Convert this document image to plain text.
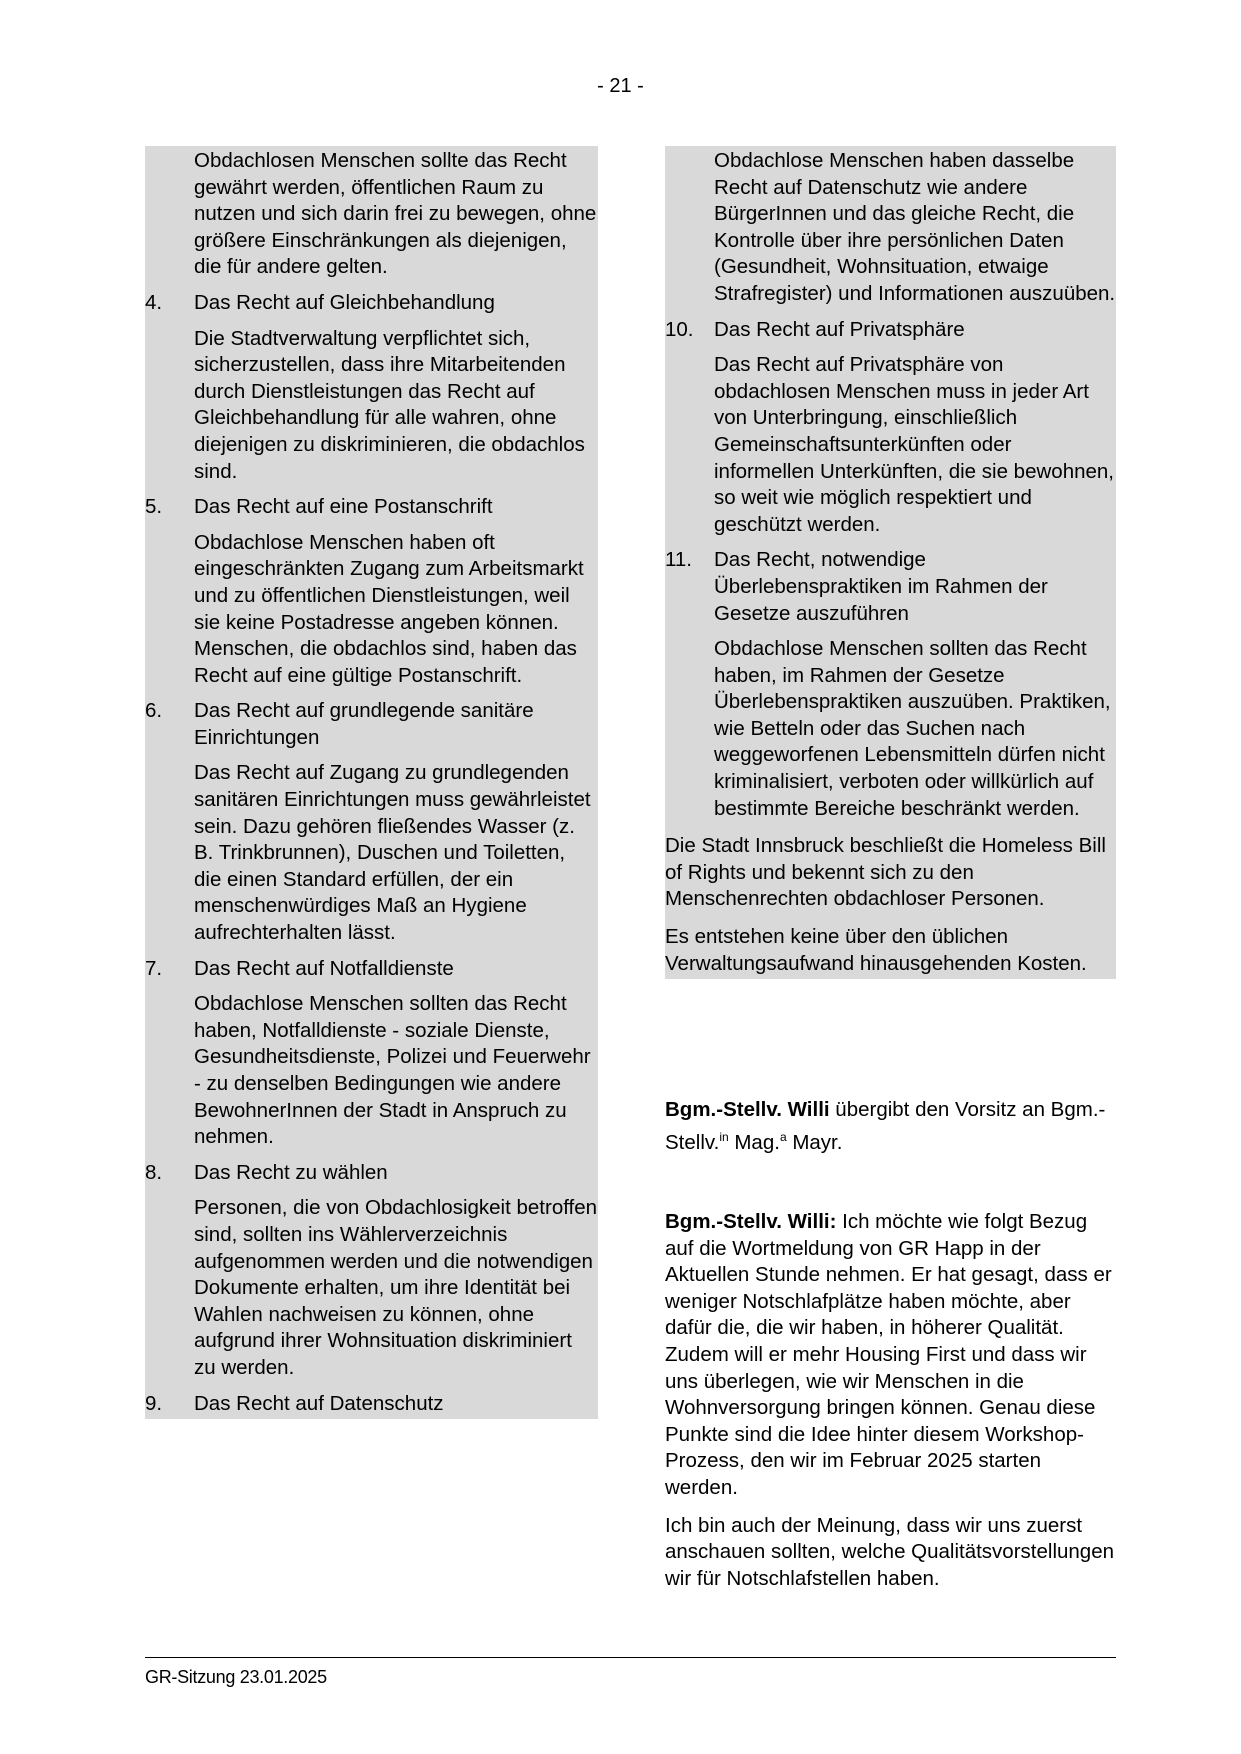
- 21 -
Obdachlosen Menschen sollte das Recht gewährt werden, öffentlichen Raum zu nutzen und sich darin frei zu bewegen, ohne größere Einschränkungen als diejenigen, die für andere gelten.
4.	Das Recht auf Gleichbehandlung
Die Stadtverwaltung verpflichtet sich, sicherzustellen, dass ihre Mitarbeitenden durch Dienstleistungen das Recht auf Gleichbehandlung für alle wahren, ohne diejenigen zu diskriminieren, die obdachlos sind.
5.	Das Recht auf eine Postanschrift
Obdachlose Menschen haben oft eingeschränkten Zugang zum Arbeitsmarkt und zu öffentlichen Dienstleistungen, weil sie keine Postadresse angeben können. Menschen, die obdachlos sind, haben das Recht auf eine gültige Postanschrift.
6.	Das Recht auf grundlegende sanitäre Einrichtungen
Das Recht auf Zugang zu grundlegenden sanitären Einrichtungen muss gewährleistet sein. Dazu gehören fließendes Wasser (z. B. Trinkbrunnen), Duschen und Toiletten, die einen Standard erfüllen, der ein menschenwürdiges Maß an Hygiene aufrechterhalten lässt.
7.	Das Recht auf Notfalldienste
Obdachlose Menschen sollten das Recht haben, Notfalldienste - soziale Dienste, Gesundheitsdienste, Polizei und Feuerwehr - zu denselben Bedingungen wie andere BewohnerInnen der Stadt in Anspruch zu nehmen.
8.	Das Recht zu wählen
Personen, die von Obdachlosigkeit betroffen sind, sollten ins Wählerverzeichnis aufgenommen werden und die notwendigen Dokumente erhalten, um ihre Identität bei Wahlen nachweisen zu können, ohne aufgrund ihrer Wohnsituation diskriminiert zu werden.
9.	Das Recht auf Datenschutz
Obdachlose Menschen haben dasselbe Recht auf Datenschutz wie andere BürgerInnen und das gleiche Recht, die Kontrolle über ihre persönlichen Daten (Gesundheit, Wohnsituation, etwaige Strafregister) und Informationen auszuüben.
10.	Das Recht auf Privatsphäre
Das Recht auf Privatsphäre von obdachlosen Menschen muss in jeder Art von Unterbringung, einschließlich Gemeinschaftsunterkünften oder informellen Unterkünften, die sie bewohnen, so weit wie möglich respektiert und geschützt werden.
11.	Das Recht, notwendige Überlebenspraktiken im Rahmen der Gesetze auszuführen
Obdachlose Menschen sollten das Recht haben, im Rahmen der Gesetze Überlebenspraktiken auszuüben. Praktiken, wie Betteln oder das Suchen nach weggeworfenen Lebensmitteln dürfen nicht kriminalisiert, verboten oder willkürlich auf bestimmte Bereiche beschränkt werden.
Die Stadt Innsbruck beschließt die Homeless Bill of Rights und bekennt sich zu den Menschenrechten obdachloser Personen.
Es entstehen keine über den üblichen Verwaltungsaufwand hinausgehenden Kosten.
Bgm.-Stellv. Willi übergibt den Vorsitz an Bgm.-Stellv.$^{in}$ Mag.$^a$ Mayr.
Bgm.-Stellv. Willi: Ich möchte wie folgt Bezug auf die Wortmeldung von GR Happ in der Aktuellen Stunde nehmen. Er hat gesagt, dass er weniger Notschlafplätze haben möchte, aber dafür die, die wir haben, in höherer Qualität. Zudem will er mehr Housing First und dass wir uns überlegen, wie wir Menschen in die Wohnversorgung bringen können. Genau diese Punkte sind die Idee hinter diesem Workshop-Prozess, den wir im Februar 2025 starten werden.
Ich bin auch der Meinung, dass wir uns zuerst anschauen sollten, welche Qualitätsvorstellungen wir für Notschlafstellen haben.
GR-Sitzung 23.01.2025
